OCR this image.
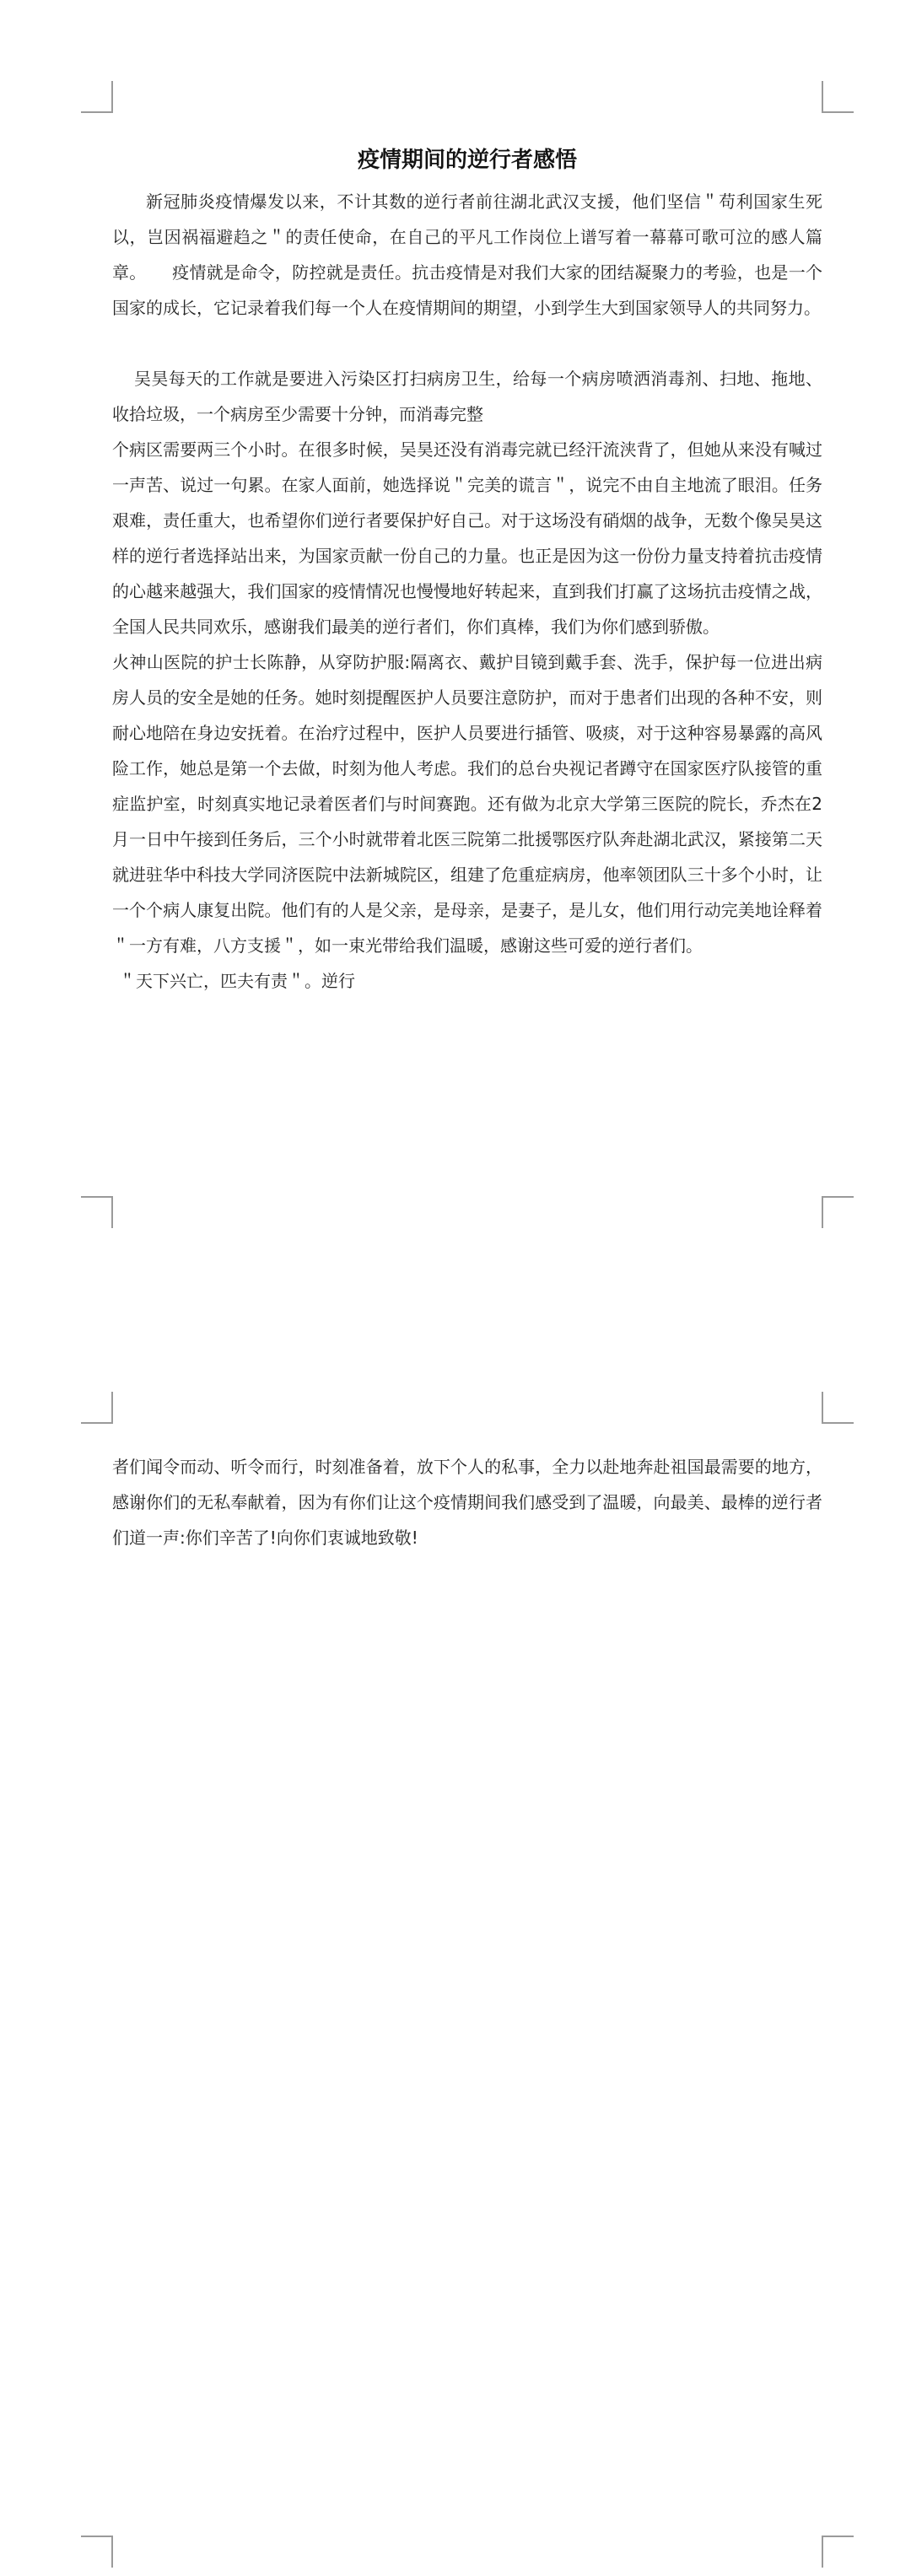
疫情期间的逆行者感悟

新冠肺炎疫情爆发以来，不计其数的逆行者前往湖北武汉支援，他们坚信＂苟利国家生死以，岂因祸福避趋之＂的责任使命，在自己的平凡工作岗位上谱写着一幕幕可歌可泣的感人篇章。　　疫情就是命令，防控就是责任。抗击疫情是对我们大家的团结凝聚力的考验，也是一个国家的成长，它记录着我们每一个人在疫情期间的期望，小到学生大到国家领导人的共同努力。

吴昊每天的工作就是要进入污染区打扫病房卫生，给每一个病房喷洒消毒剂、扫地、拖地、收拾垃圾，一个病房至少需要十分钟，而消毒完整

个病区需要两三个小时。在很多时候，吴昊还没有消毒完就已经汗流浃背了，但她从来没有喊过一声苦、说过一句累。在家人面前，她选择说＂完美的谎言＂，说完不由自主地流了眼泪。任务艰难，责任重大，也希望你们逆行者要保护好自己。对于这场没有硝烟的战争，无数个像吴昊这样的逆行者选择站出来，为国家贡献一份自己的力量。也正是因为这一份份力量支持着抗击疫情的心越来越强大，我们国家的疫情情况也慢慢地好转起来，直到我们打赢了这场抗击疫情之战，全国人民共同欢乐，感谢我们最美的逆行者们，你们真棒，我们为你们感到骄傲。

火神山医院的护士长陈静，从穿防护服:隔离衣、戴护目镜到戴手套、洗手，保护每一位进出病房人员的安全是她的任务。她时刻提醒医护人员要注意防护，而对于患者们出现的各种不安，则耐心地陪在身边安抚着。在治疗过程中，医护人员要进行插管、吸痰，对于这种容易暴露的高风险工作，她总是第一个去做，时刻为他人考虑。我们的总台央视记者蹲守在国家医疗队接管的重症监护室，时刻真实地记录着医者们与时间赛跑。还有做为北京大学第三医院的院长，乔杰在2月一日中午接到任务后，三个小时就带着北医三院第二批援鄂医疗队奔赴湖北武汉，紧接第二天就进驻华中科技大学同济医院中法新城院区，组建了危重症病房，他率领团队三十多个小时，让一个个病人康复出院。他们有的人是父亲，是母亲，是妻子，是儿女，他们用行动完美地诠释着＂一方有难，八方支援＂，如一束光带给我们温暖，感谢这些可爱的逆行者们。

＂天下兴亡，匹夫有责＂。逆行

者们闻令而动、听令而行，时刻准备着，放下个人的私事，全力以赴地奔赴祖国最需要的地方，感谢你们的无私奉献着，因为有你们让这个疫情期间我们感受到了温暖，向最美、最棒的逆行者们道一声:你们辛苦了!向你们衷诚地致敬!
